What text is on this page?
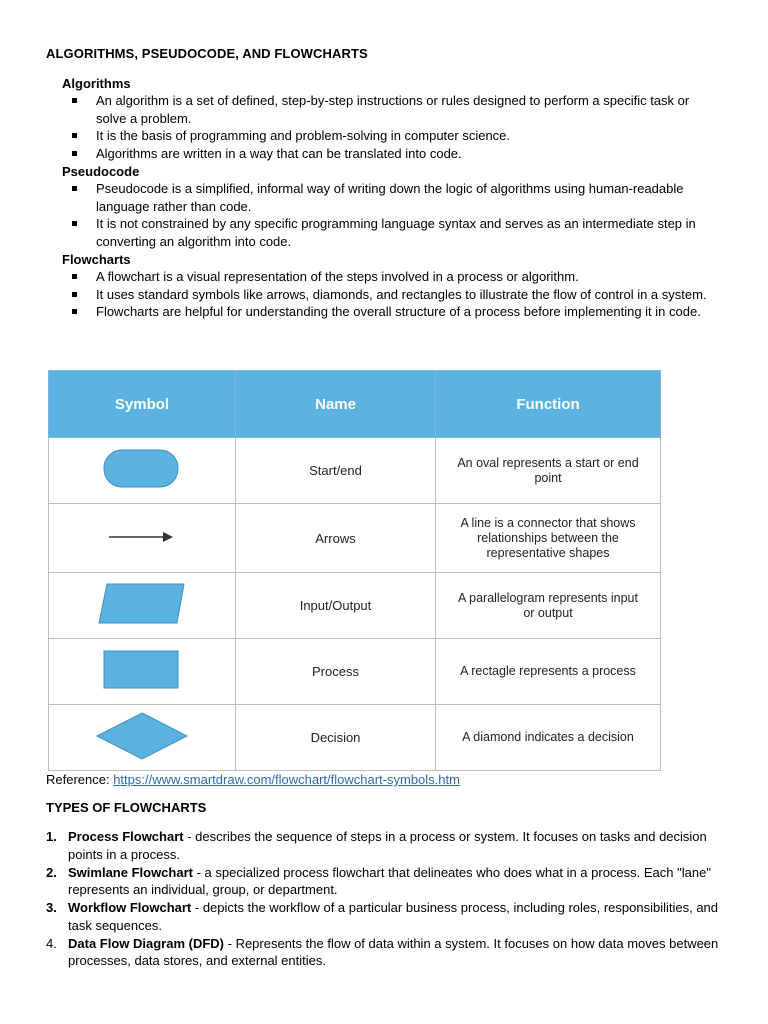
ALGORITHMS, PSEUDOCODE, AND FLOWCHARTS
Algorithms
An algorithm is a set of defined, step-by-step instructions or rules designed to perform a specific task or solve a problem.
It is the basis of programming and problem-solving in computer science.
Algorithms are written in a way that can be translated into code.
Pseudocode
Pseudocode is a simplified, informal way of writing down the logic of algorithms using human-readable language rather than code.
It is not constrained by any specific programming language syntax and serves as an intermediate step in converting an algorithm into code.
Flowcharts
A flowchart is a visual representation of the steps involved in a process or algorithm.
It uses standard symbols like arrows, diamonds, and rectangles to illustrate the flow of control in a system.
Flowcharts are helpful for understanding the overall structure of a process before implementing it in code.
Symbol	Name	Function
	Start/end	An oval represents a start or end point
	Arrows	A line is a connector that shows relationships between the representative shapes
	Input/Output	A parallelogram represents input or output
	Process	A rectagle represents a process
	Decision	A diamond indicates a decision
Reference: https://www.smartdraw.com/flowchart/flowchart-symbols.htm
TYPES OF FLOWCHARTS
1. Process Flowchart - describes the sequence of steps in a process or system. It focuses on tasks and decision points in a process.
2. Swimlane Flowchart - a specialized process flowchart that delineates who does what in a process. Each "lane" represents an individual, group, or department.
3. Workflow Flowchart - depicts the workflow of a particular business process, including roles, responsibilities, and task sequences.
4. Data Flow Diagram (DFD) - Represents the flow of data within a system. It focuses on how data moves between processes, data stores, and external entities.
